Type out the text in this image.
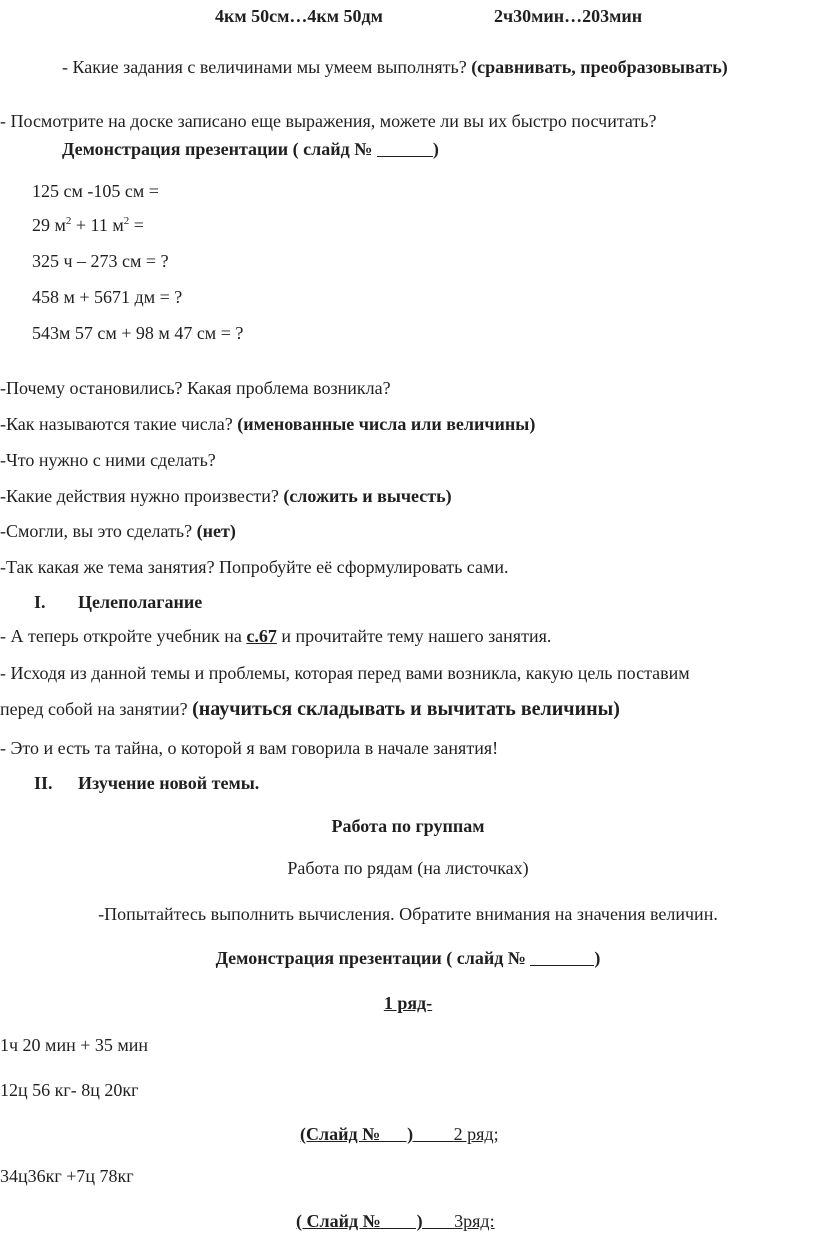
4км 50см…4км 50дм	2ч30мин…203мин
- Какие задания с величинами мы умеем выполнять? (сравнивать, преобразовывать)
- Посмотрите на доске записано еще выражения, можете ли вы их быстро посчитать?
Демонстрация презентации ( слайд №	)
125 см -105 см =
29 $м^2 + 11$ $м^2$ =
325 ч – 273 см = ?
458 м + 5671 дм = ?
543м 57 см + 98 м 47 см = ?
-Почему остановились? Какая проблема возникла?
-Как называются такие числа? (именованные числа или величины)
-Что нужно с ними сделать?
-Какие действия нужно произвести? (сложить и вычесть)
-Смогли, вы это сделать? (нет)
-Так какая же тема занятия? Попробуйте её сформулировать сами.
I. Целеполагание
- А теперь откройте учебник на с.67 и прочитайте тему нашего занятия.
- Исходя из данной темы и проблемы, которая перед вами возникла, какую цель поставим
перед собой на занятии? (научиться складывать и вычитать величины)
- Это и есть та тайна, о которой я вам говорила в начале занятия!
II. Изучение новой темы.
Работа по группам
Работа по рядам (на листочках)
-Попытайтесь выполнить вычисления. Обратите внимания на значения величин.
Демонстрация презентации ( слайд №	)
1 ряд-
1ч 20 мин + 35 мин
12ц 56 кг- 8ц 20кг
(Слайд №      ) 2 ряд;
34ц36кг +7ц 78кг
( Слайд №        ) 3ряд:
